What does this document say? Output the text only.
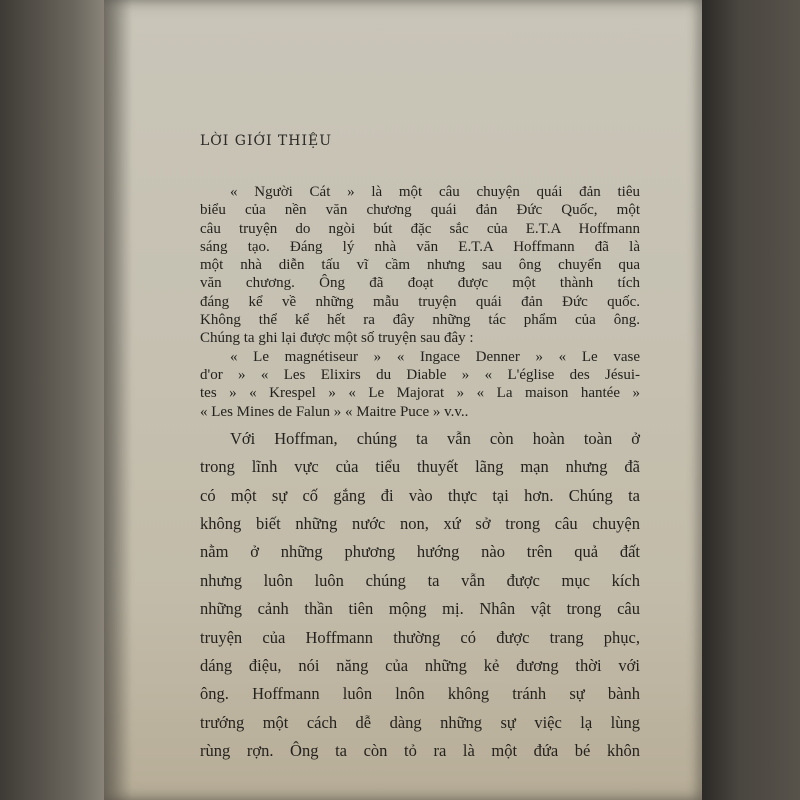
LỜI GIỚI THIỆU
« Người Cát » là một câu chuyện quái đản tiêu
biểu của nền văn chương quái đản Đức Quốc, một
câu truyện do ngòi bút đặc sắc của E.T.A Hoffmann
sáng tạo. Đáng lý nhà văn E.T.A Hoffmann đã là
một nhà diễn tấu vĩ cầm nhưng sau ông chuyển qua
văn chương. Ông đã đoạt được một thành tích
đáng kể về những mẫu truyện quái đản Đức quốc.
Không thể kể hết ra đây những tác phẩm của ông.
Chúng ta ghi lại được một số truyện sau đây :
« Le magnétiseur » « Ingace Denner » « Le vase
d'or » « Les Elixirs du Diable » « L'église des Jésui-
tes » « Krespel » « Le Majorat » « La maison hantée »
« Les Mines de Falun » « Maitre Puce » v.v..
Với Hoffman, chúng ta vẫn còn hoàn toàn ở
trong lĩnh vực của tiểu thuyết lãng mạn nhưng đã
có một sự cố gắng đi vào thực tại hơn. Chúng ta
không biết những nước non, xứ sở trong câu chuyện
nằm ở những phương hướng nào trên quả đất
nhưng luôn luôn chúng ta vẫn được mục kích
những cảnh thần tiên mộng mị. Nhân vật trong câu
truyện của Hoffmann thường có được trang phục,
dáng điệu, nói năng của những kẻ đương thời với
ông. Hoffmann luôn lnôn không tránh sự bành
trướng một cách dễ dàng những sự việc lạ lùng
rùng rợn. Ông ta còn tỏ ra là một đứa bé khôn
